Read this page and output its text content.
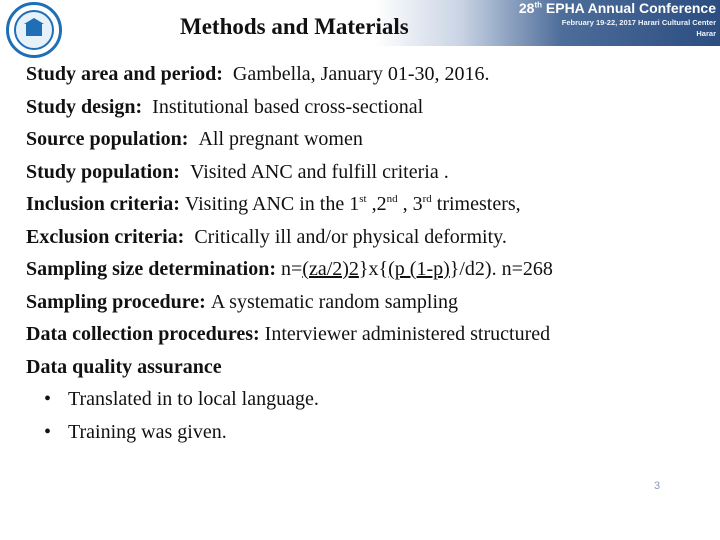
Methods and Materials
28th EPHA Annual Conference
February 19-22, 2017 Harari Cultural Center
Harar
Study area and period: Gambella, January 01-30, 2016.
Study design: Institutional based cross-sectional
Source population: All pregnant women
Study population: Visited ANC and fulfill criteria .
Inclusion criteria: Visiting ANC in the 1st ,2nd , 3rd trimesters,
Exclusion criteria: Critically ill and/or physical deformity.
Sampling size determination: n=(za/2)2}x{(p (1-p)}/d2). n=268
Sampling procedure: A systematic random sampling
Data collection procedures: Interviewer administered structured
Data quality assurance
• Translated in to local language.
• Training was given.
3
